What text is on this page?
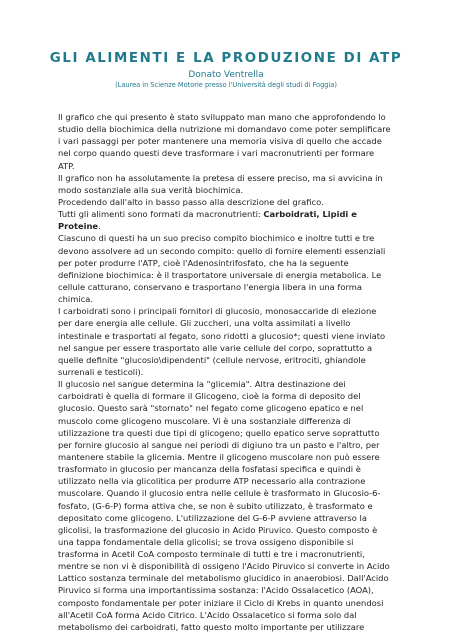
GLI ALIMENTI E LA PRODUZIONE DI ATP
Donato Ventrella
(Laurea in Scienze Motorie presso l'Università degli studi di Foggia)
Il grafico che qui presento è stato sviluppato man mano che approfondendo lo
studio della biochimica della nutrizione mi domandavo come poter semplificare
i vari passaggi per poter mantenere una memoria visiva di quello che accade
nel corpo quando questi deve trasformare i vari macronutrienti per formare
ATP.
Il grafico non ha assolutamente la pretesa di essere preciso, ma si avvicina in
modo sostanziale alla sua verità biochimica.
Procedendo dall'alto in basso passo alla descrizione del grafico.
Tutti gli alimenti sono formati da macronutrienti: Carboidrati, Lipidi e
Proteine.
Ciascuno di questi ha un suo preciso compito biochimico e inoltre tutti e tre
devono assolvere ad un secondo compito: quello di fornire elementi essenziali
per poter produrre l'ATP, cioè l'Adenosintrifosfato, che ha la seguente
definizione biochimica: è il trasportatore universale di energia metabolica. Le
cellule catturano, conservano e trasportano l'energia libera in una forma
chimica.
I carboidrati sono i principali fornitori di glucosio, monosaccaride di elezione
per dare energia alle cellule. Gli zuccheri, una volta assimilati a livello
intestinale e trasportati al fegato, sono ridotti a glucosio*; questi viene inviato
nel sangue per essere trasportato alle varie cellule del corpo, soprattutto a
quelle definite "glucosio\dipendenti" (cellule nervose, eritrociti, ghiandole
surrenali e testicoli).
Il glucosio nel sangue determina la "glicemia". Altra destinazione dei
carboidrati è quella di formare il Glicogeno, cioè la forma di deposito del
glucosio. Questo sarà "stornato" nel fegato come glicogeno epatico e nel
muscolo come glicogeno muscolare. Vi è una sostanziale differenza di
utilizzazione tra questi due tipi di glicogeno; quello epatico serve soprattutto
per fornire glucosio al sangue nei periodi di digiuno tra un pasto e l'altro, per
mantenere stabile la glicemia. Mentre il glicogeno muscolare non può essere
trasformato in glucosio per mancanza della fosfatasi specifica e quindi è
utilizzato nella via glicolitica per produrre ATP necessario alla contrazione
muscolare. Quando il glucosio entra nelle cellule è trasformato in Glucosio-6-
fosfato, (G-6-P) forma attiva che, se non è subito utilizzato, è trasformato e
depositato come glicogeno. L'utilizzazione del G-6-P avviene attraverso la
glicolisi, la trasformazione del glucosio in Acido Piruvico. Questo composto è
una tappa fondamentale della glicolisi; se trova ossigeno disponibile si
trasforma in Acetil CoA composto terminale di tutti e tre i macronutrienti,
mentre se non vi è disponibilità di ossigeno l'Acido Piruvico si converte in Acido
Lattico sostanza terminale del metabolismo glucidico in anaerobiosi. Dall'Acido
Piruvico si forma una importantissima sostanza: l'Acido Ossalacetico (AOA),
composto fondamentale per poter iniziare il Ciclo di Krebs in quanto unendosi
all'Acetil CoA forma Acido Citrico. L'Acido Ossalacetico si forma solo dal
metabolismo dei carboidrati, fatto questo molto importante per utilizzare
